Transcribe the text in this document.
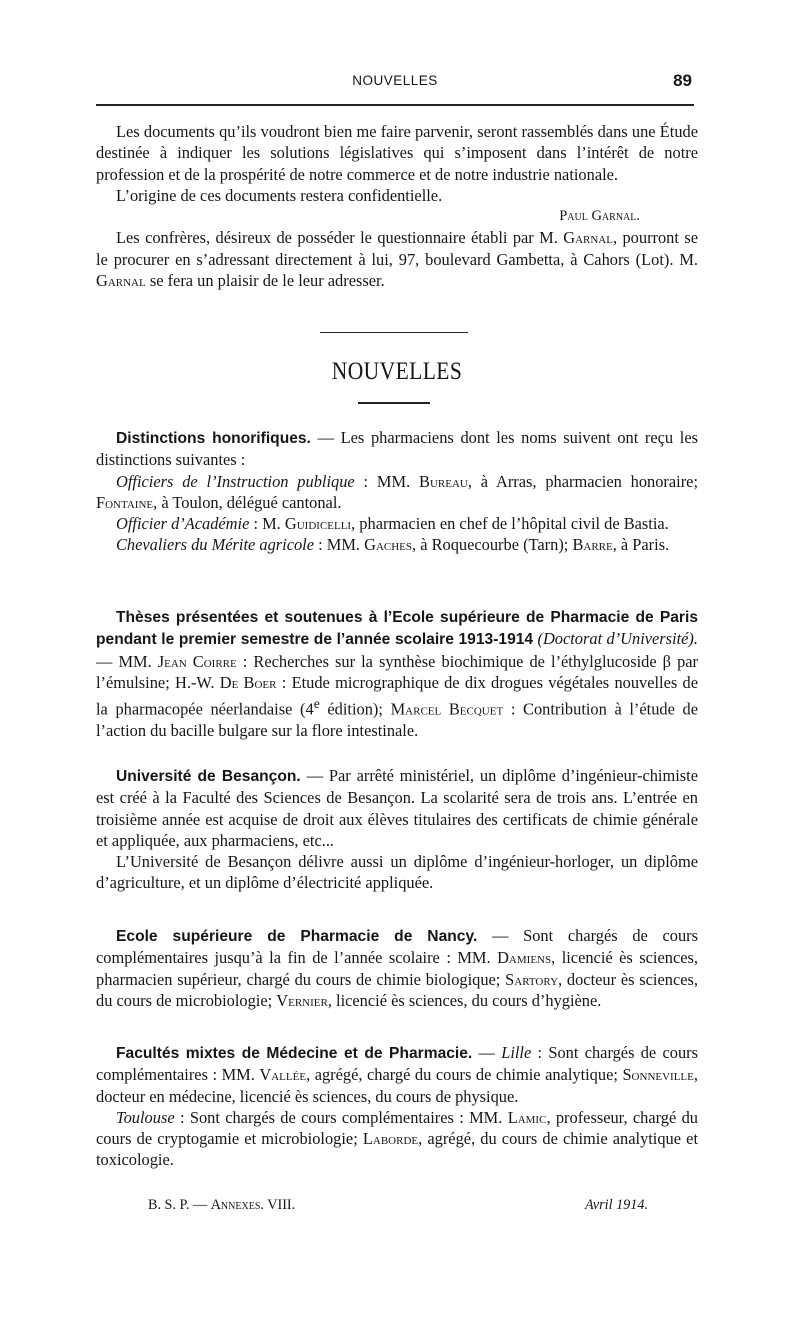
NOUVELLES	89

Les documents qu’ils voudront bien me faire parvenir, seront rassemblés dans une Étude destinée à indiquer les solutions législatives qui s’imposent dans l’intérêt de notre profession et de la prospérité de notre commerce et de notre industrie nationale.

L’origine de ces documents restera confidentielle.

Paul Garnal.

Les confrères, désireux de posséder le questionnaire établi par M. Garnal, pourront se le procurer en s’adressant directement à lui, 97, boulevard Gambetta, à Cahors (Lot). M. Garnal se fera un plaisir de le leur adresser.

NOUVELLES

Distinctions honorifiques. — Les pharmaciens dont les noms suivent ont reçu les distinctions suivantes :

Officiers de l’Instruction publique : MM. Bureau, à Arras, pharmacien honoraire; Fontaine, à Toulon, délégué cantonal.

Officier d’Académie : M. Guidicelli, pharmacien en chef de l’hôpital civil de Bastia.

Chevaliers du Mérite agricole : MM. Gaches, à Roquecourbe (Tarn); Barre, à Paris.

Thèses présentées et soutenues à l’Ecole supérieure de Pharmacie de Paris pendant le premier semestre de l’année scolaire 1913-1914 (Doctorat d’Université). — MM. Jean Coirre : Recherches sur la synthèse biochimique de l’éthylglucoside β par l’émulsine; H.-W. De Boer : Etude micrographique de dix drogues végétales nouvelles de la pharmacopée néerlandaise (4e édition); Marcel Becquet : Contribution à l’étude de l’action du bacille bulgare sur la flore intestinale.

Université de Besançon. — Par arrêté ministériel, un diplôme d’ingénieur-chimiste est créé à la Faculté des Sciences de Besançon. La scolarité sera de trois ans. L’entrée en troisième année est acquise de droit aux élèves titulaires des certificats de chimie générale et appliquée, aux pharmaciens, etc...

L’Université de Besançon délivre aussi un diplôme d’ingénieur-horloger, un diplôme d’agriculture, et un diplôme d’électricité appliquée.

Ecole supérieure de Pharmacie de Nancy. — Sont chargés de cours complémentaires jusqu’à la fin de l’année scolaire : MM. Damiens, licencié ès sciences, pharmacien supérieur, chargé du cours de chimie biologique; Sartory, docteur ès sciences, du cours de microbiologie; Vernier, licencié ès sciences, du cours d’hygiène.

Facultés mixtes de Médecine et de Pharmacie. — Lille : Sont chargés de cours complémentaires : MM. Vallée, agrégé, chargé du cours de chimie analytique; Sonneville, docteur en médecine, licencié ès sciences, du cours de physique.

Toulouse : Sont chargés de cours complémentaires : MM. Lamic, professeur, chargé du cours de cryptogamie et microbiologie; Laborde, agrégé, du cours de chimie analytique et toxicologie.

B. S. P. — Annexes. VIII.	Avril 1914.
